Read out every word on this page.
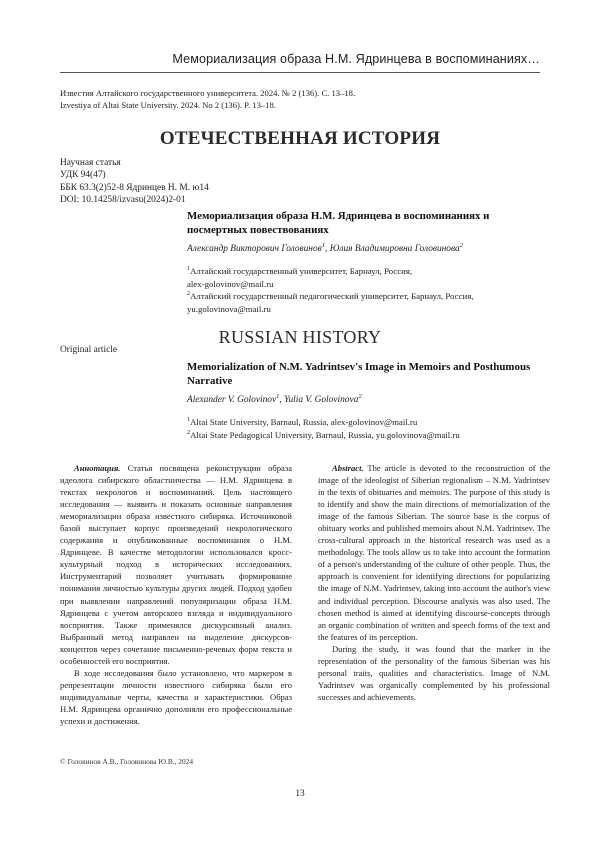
Мемориализация образа Н.М. Ядринцева в воспоминаниях…
Известия Алтайского государственного университета. 2024. № 2 (136). С. 13–18.
Izvestiya of Altai State University. 2024. No 2 (136). P. 13–18.
ОТЕЧЕСТВЕННАЯ ИСТОРИЯ
Научная статья
УДК 94(47)
ББК 63.3(2)52-8 Ядринцев Н. М. ю14
DOI: 10.14258/izvasu(2024)2-01
Мемориализация образа Н.М. Ядринцева в воспоминаниях и посмертных повествованиях
Александр Викторович Головинов$^1$, Юлия Владимировна Головинова$^2$
$^1$Алтайский государственный университет, Барнаул, Россия,
alex-golovinov@mail.ru
$^2$Алтайский государственный педагогический университет, Барнаул, Россия,
yu.golovinova@mail.ru
RUSSIAN HISTORY
Original article
Memorialization of N.M. Yadrintsev's Image in Memoirs and Posthumous Narrative
Alexander V. Golovinov$^1$, Yulia V. Golovinova$^2$
$^1$Altai State University, Barnaul, Russia, alex-golovinov@mail.ru
$^2$Altai State Pedagogical University, Barnaul, Russia, yu.golovinova@mail.ru

Аннотация. Статья посвящена реконструкции образа идеолога сибирского областничества — Н.М. Ядринцева в текстах некрологов и воспоминаний. Цель настоящего исследования — выявить и показать основные направления мемориализации образа известного сибиряка. Источниковой базой выступает корпус произведений некрологического содержания и опубликованные воспоминания о Н.М. Ядринцеве. В качестве методологии использовался кросс-культурный подход в исторических исследованиях. Инструментарий позволяет учитывать формирование понимания личностью культуры других людей. Подход удобен при выявлении направлений популяризации образа Н.М. Ядринцева с учетом авторского взгляда и индивидуального восприятия. Также применялся дискурсивный анализ. Выбранный метод направлен на выделение дискурсов-концептов через сочетание письменно-речевых форм текста и особенностей его восприятия.

В ходе исследования было установлено, что маркером в репрезентации личности известного сибиряка были его индивидуальные черты, качества и характеристики. Образ Н.М. Ядринцева органично дополняли его профессиональные успехи и достижения.

Abstract. The article is devoted to the reconstruction of the image of the ideologist of Siberian regionalism – N.M. Yadrintsev in the texts of obituaries and memoirs. The purpose of this study is to identify and show the main directions of memorialization of the image of the famous Siberian. The source base is the corpus of obituary works and published memoirs about N.M. Yadrintsev. The cross-cultural approach in the historical research was used as a methodology. The tools allow us to take into account the formation of a person's understanding of the culture of other people. Thus, the approach is convenient for identifying directions for popularizing the image of N.M. Yadrintsev, taking into account the author's view and individual perception. Discourse analysis was also used. The chosen method is aimed at identifying discourse-concepts through an organic combination of written and speech forms of the text and the features of its perception.

During the study, it was found that the marker in the representation of the personality of the famous Siberian was his personal traits, qualities and characteristics. Image of N.M. Yadrintsev was organically complemented by his professional successes and achievements.

© Головинов А.В., Головинова Ю.В., 2024
13
